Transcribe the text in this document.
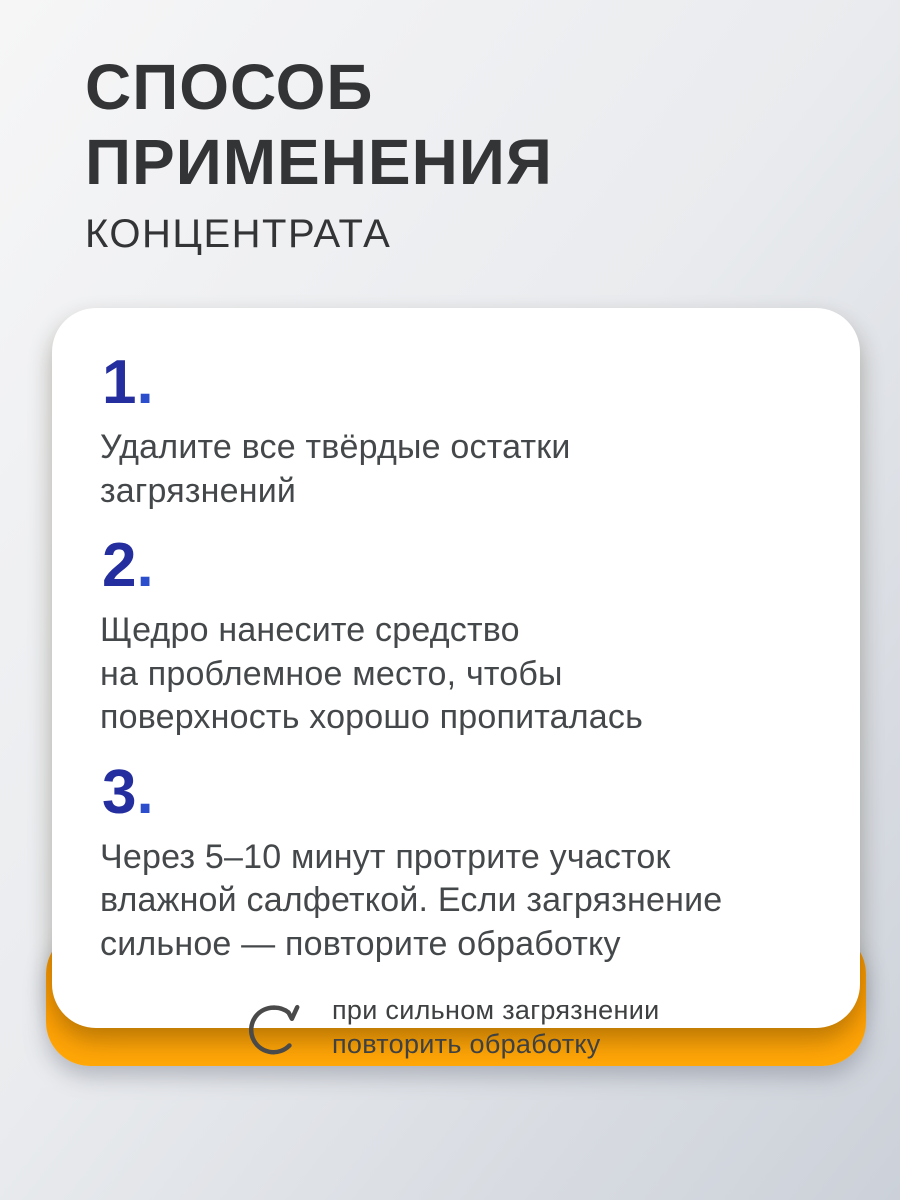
СПОСОБ
ПРИМЕНЕНИЯ
КОНЦЕНТРАТА
1.

Удалите все твёрдые остатки
загрязнений

2.

Щедро нанесите средство
на проблемное место, чтобы
поверхность хорошо пропиталась

3.

Через 5–10 минут протрите участок
влажной салфеткой. Если загрязнение
сильное — повторите обработку

при сильном загрязнении
повторить обработку
